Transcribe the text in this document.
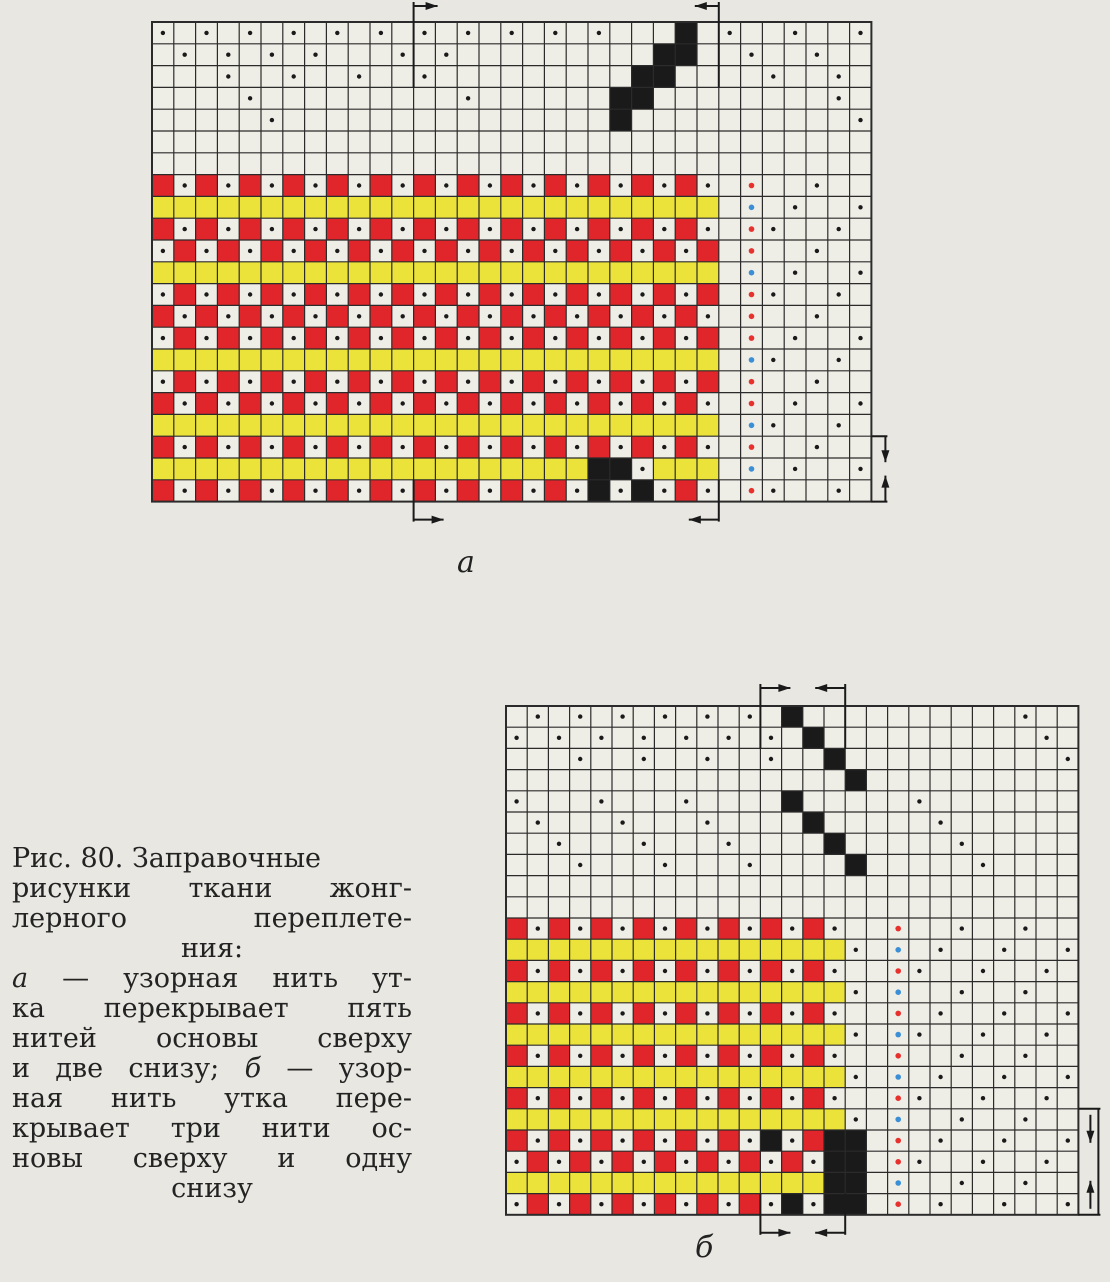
а
б
Рис. 80. Заправочные
рисунки ткани жонг-
лерного переплете-
ния:
а — узорная нить ут-
ка перекрывает пять
нитей основы сверху
и две снизу; б — узор-
ная нить утка пере-
крывает три нити ос-
новы сверху и одну
снизу
